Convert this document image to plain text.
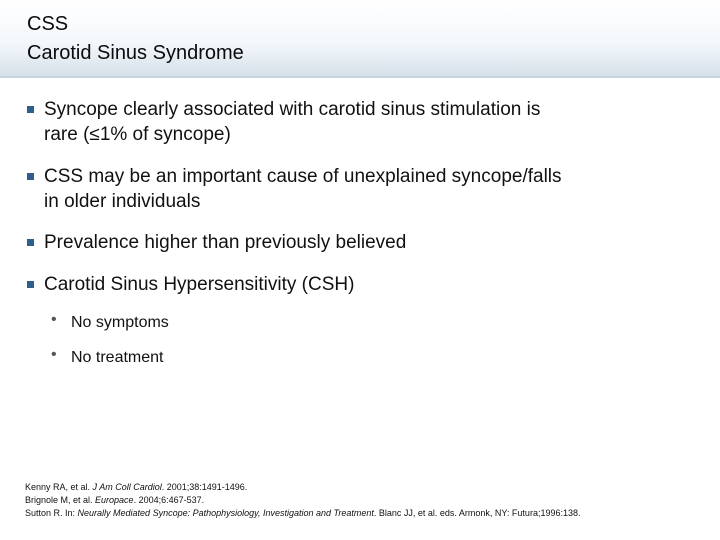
CSS
Carotid Sinus Syndrome
Syncope clearly associated with carotid sinus stimulation is
rare (≤1% of syncope)
CSS may be an important cause of unexplained syncope/falls
in older individuals
Prevalence higher than previously believed
Carotid Sinus Hypersensitivity (CSH)
• No symptoms
• No treatment
Kenny RA, et al. J Am Coll Cardiol. 2001;38:1491-1496.
Brignole M, et al. Europace. 2004;6:467-537.
Sutton R. In: Neurally Mediated Syncope: Pathophysiology, Investigation and Treatment. Blanc JJ, et al. eds. Armonk, NY: Futura;1996:138.
